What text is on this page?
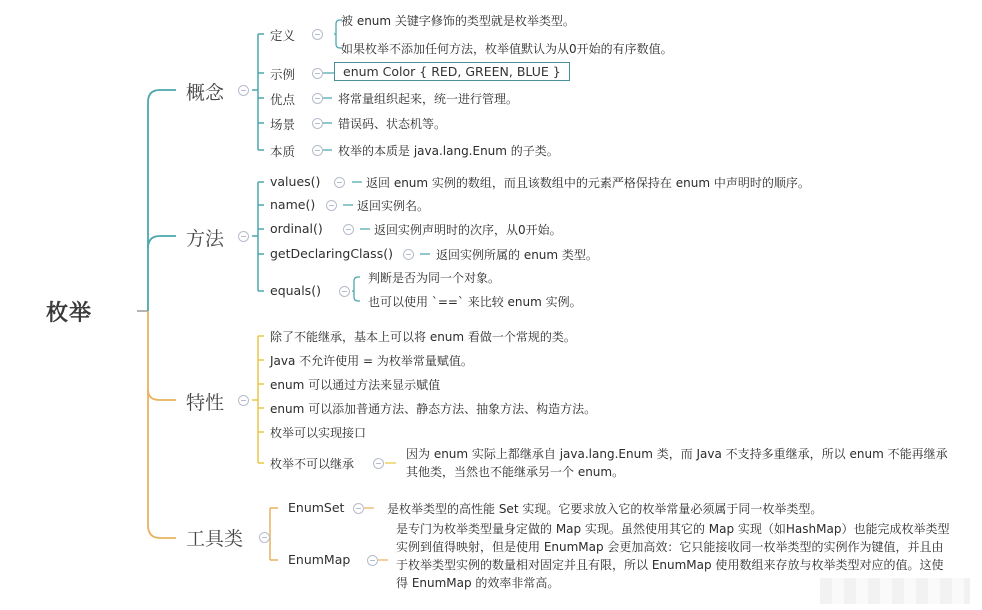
枚举
概念
定义
被 enum 关键字修饰的类型就是枚举类型。
如果枚举不添加任何方法，枚举值默认为从0开始的有序数值。
示例	enum Color { RED, GREEN, BLUE }
优点	将常量组织起来，统一进行管理。
场景	错误码、状态机等。
本质	枚举的本质是 java.lang.Enum 的子类。
方法
values()	返回 enum 实例的数组，而且该数组中的元素严格保持在 enum 中声明时的顺序。
name()	返回实例名。
ordinal()	返回实例声明时的次序，从0开始。
getDeclaringClass()	返回实例所属的 enum 类型。
equals()
判断是否为同一个对象。
也可以使用 `==` 来比较 enum 实例。
特性
除了不能继承，基本上可以将 enum 看做一个常规的类。
Java 不允许使用 = 为枚举常量赋值。
enum 可以通过方法来显示赋值
enum 可以添加普通方法、静态方法、抽象方法、构造方法。
枚举可以实现接口
枚举不可以继承
因为 enum 实际上都继承自 java.lang.Enum 类，而 Java 不支持多重继承，所以 enum 不能再继承其他类，当然也不能继承另一个 enum。
工具类
EnumSet	是枚举类型的高性能 Set 实现。它要求放入它的枚举常量必须属于同一枚举类型。
EnumMap
是专门为枚举类型量身定做的 Map 实现。虽然使用其它的 Map 实现（如HashMap）也能完成枚举类型实例到值得映射，但是使用 EnumMap 会更加高效：它只能接收同一枚举类型的实例作为键值，并且由于枚举类型实例的数量相对固定并且有限，所以 EnumMap 使用数组来存放与枚举类型对应的值。这使得 EnumMap 的效率非常高。
